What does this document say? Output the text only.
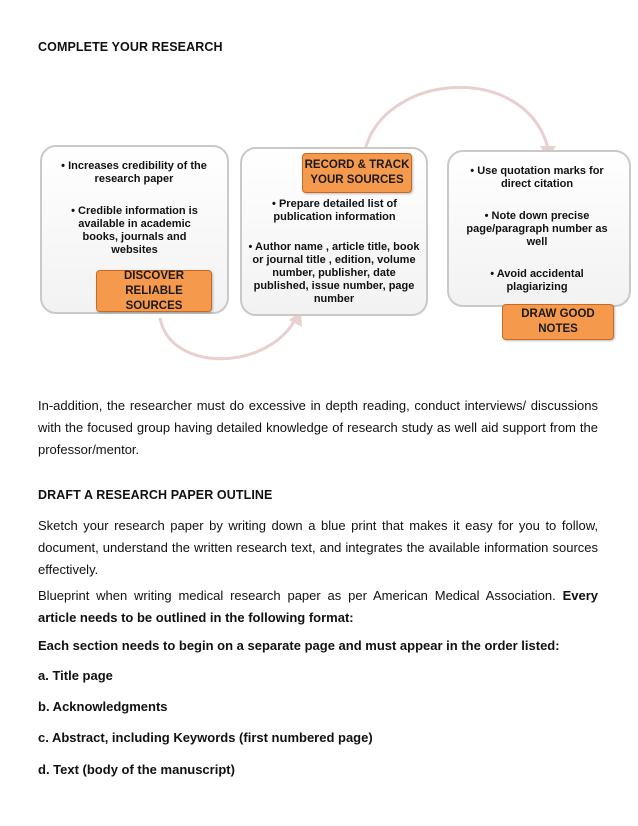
COMPLETE YOUR RESEARCH
• Increases credibility of the research paper
• Credible information is available in academic books, journals and websites
DISCOVER
RELIABLE SOURCES
RECORD & TRACK
YOUR SOURCES
• Prepare detailed list of publication information
• Author name , article title, book or journal title , edition, volume number, publisher, date published, issue number, page number
• Use quotation marks for direct citation
• Note down precise page/paragraph number as well
• Avoid accidental plagiarizing
DRAW GOOD
NOTES
In-addition, the researcher must do excessive in depth reading, conduct interviews/ discussions with the focused group having detailed knowledge of research study as well aid support from the professor/mentor.
DRAFT A RESEARCH PAPER OUTLINE
Sketch your research paper by writing down a blue print that makes it easy for you to follow, document, understand the written research text, and integrates the available information sources effectively.
Blueprint when writing medical research paper as per American Medical Association. Every article needs to be outlined in the following format:
Each section needs to begin on a separate page and must appear in the order listed:
a. Title page
b. Acknowledgments
c. Abstract, including Keywords (first numbered page)
d. Text (body of the manuscript)
